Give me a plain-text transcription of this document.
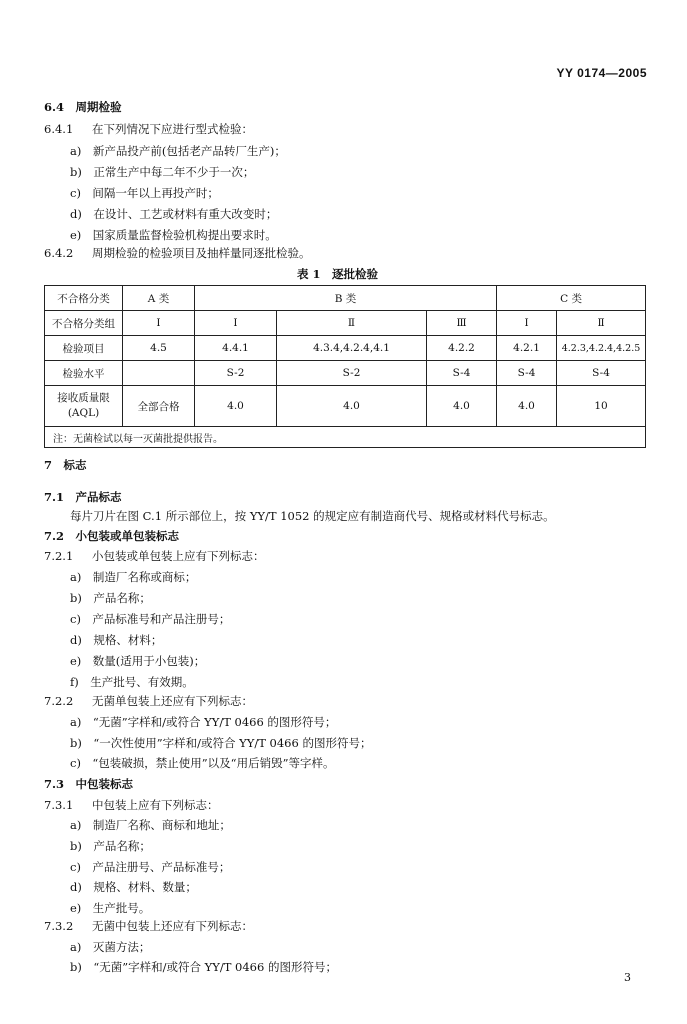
YY 0174—2005
6.4　周期检验
6.4.1 在下列情况下应进行型式检验：
a)　新产品投产前(包括老产品转厂生产)；
b)　正常生产中每二年不少于一次；
c)　间隔一年以上再投产时；
d)　在设计、工艺或材料有重大改变时；
e)　国家质量监督检验机构提出要求时。
6.4.2 周期检验的检验项目及抽样量同逐批检验。
表 1　逐批检验
不合格分类	A 类	B 类			C 类	
不合格分类组	Ⅰ	Ⅰ	Ⅱ	Ⅲ	Ⅰ	Ⅱ
检验项目	4.5	4.4.1	4.3.4,4.2.4,4.1	4.2.2	4.2.1	4.2.3,4.2.4,4.2.5
检验水平		S-2	S-2	S-4	S-4	S-4

接收质量限
(AQL)	全部合格	4.0	4.0	4.0	4.0	10
注：无菌检试以每一灭菌批提供报告。						
7　标志
7.1　产品标志
每片刀片在图 C.1 所示部位上，按 YY/T 1052 的规定应有制造商代号、规格或材料代号标志。
7.2　小包装或单包装标志
7.2.1 小包装或单包装上应有下列标志：
a)　制造厂名称或商标；
b)　产品名称；
c)　产品标准号和产品注册号；
d)　规格、材料；
e)　数量(适用于小包装)；
f)　生产批号、有效期。
7.2.2 无菌单包装上还应有下列标志：
a)　“无菌”字样和/或符合 YY/T 0466 的图形符号；
b)　“一次性使用”字样和/或符合 YY/T 0466 的图形符号；
c)　“包装破损，禁止使用”以及“用后销毁”等字样。
7.3　中包装标志
7.3.1 中包装上应有下列标志：
a)　制造厂名称、商标和地址；
b)　产品名称；
c)　产品注册号、产品标准号；
d)　规格、材料、数量；
e)　生产批号。
7.3.2 无菌中包装上还应有下列标志：
a)　灭菌方法；
b)　“无菌”字样和/或符合 YY/T 0466 的图形符号；
3
